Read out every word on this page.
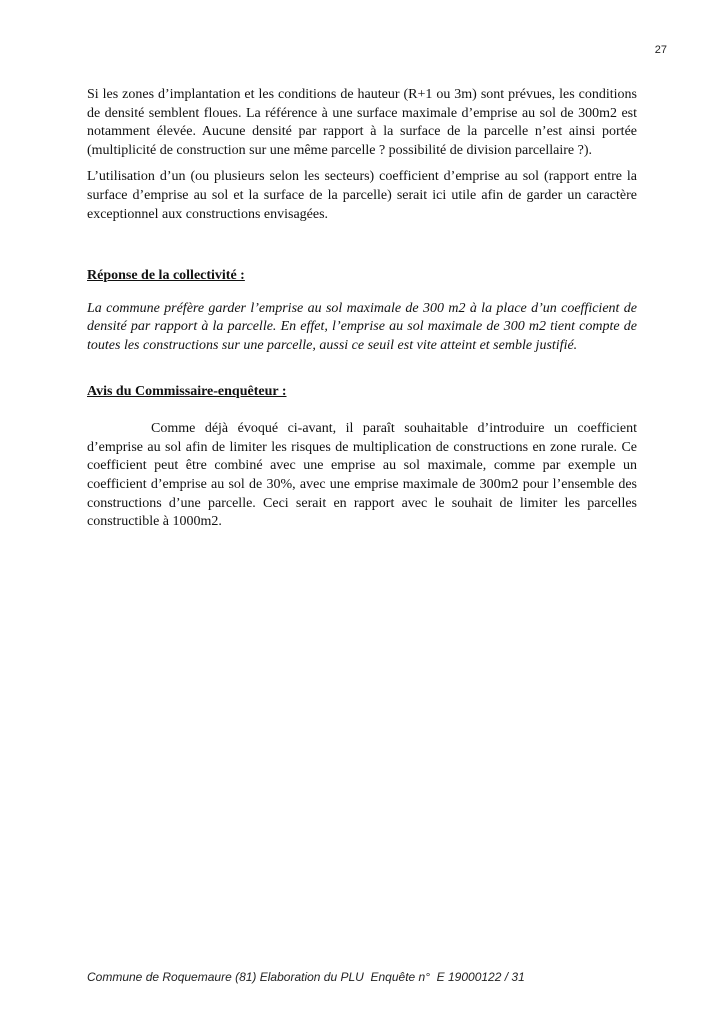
27

Si les zones d’implantation et les conditions de hauteur (R+1 ou 3m) sont prévues, les conditions de densité semblent floues. La référence à une surface maximale d’emprise au sol de 300m2 est notamment élevée. Aucune densité par rapport à la surface de la parcelle n’est ainsi portée (multiplicité de construction sur une même parcelle ? possibilité de division parcellaire ?).

L’utilisation d’un (ou plusieurs selon les secteurs) coefficient d’emprise au sol (rapport entre la surface d’emprise au sol et la surface de la parcelle) serait ici utile afin de garder un caractère exceptionnel aux constructions envisagées.

Réponse de la collectivité :

La commune préfère garder l’emprise au sol maximale de 300 m2 à la place d’un coefficient de densité par rapport à la parcelle. En effet, l’emprise au sol maximale de 300 m2 tient compte de toutes les constructions sur une parcelle, aussi ce seuil est vite atteint et semble justifié.

Avis du Commissaire-enquêteur :

Comme déjà évoqué ci-avant, il paraît souhaitable d’introduire un coefficient d’emprise au sol afin de limiter les risques de multiplication de constructions en zone rurale. Ce coefficient peut être combiné avec une emprise au sol maximale, comme par exemple un coefficient d’emprise au sol de 30%, avec une emprise maximale de 300m2 pour l’ensemble des constructions d’une parcelle. Ceci serait en rapport avec le souhait de limiter les parcelles constructible à 1000m2.

Commune de Roquemaure (81) Elaboration du PLU  Enquête n°  E 19000122 / 31
